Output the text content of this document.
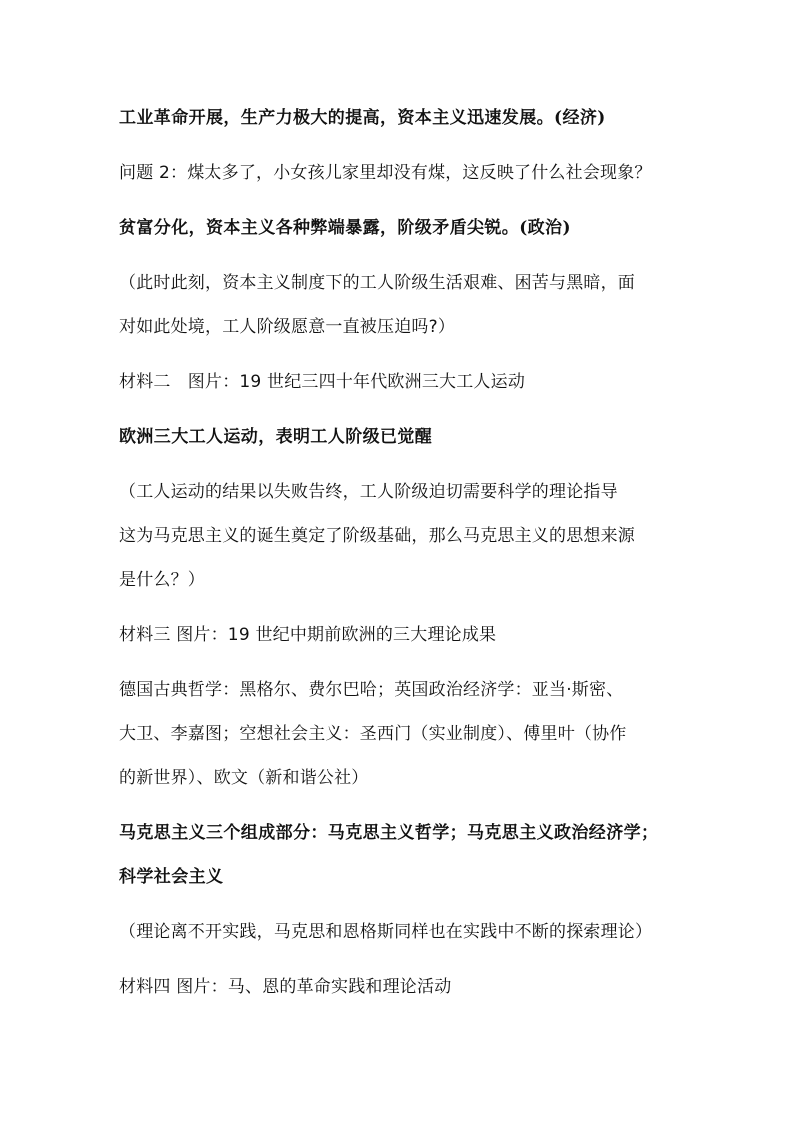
工业革命开展，生产力极大的提高，资本主义迅速发展。(经济)
问题 2：煤太多了，小女孩儿家里却没有煤，这反映了什么社会现象？
贫富分化，资本主义各种弊端暴露，阶级矛盾尖锐。(政治)
（此时此刻，资本主义制度下的工人阶级生活艰难、困苦与黑暗，面
对如此处境，工人阶级愿意一直被压迫吗?）
材料二　图片：19 世纪三四十年代欧洲三大工人运动
欧洲三大工人运动，表明工人阶级已觉醒
（工人运动的结果以失败告终，工人阶级迫切需要科学的理论指导
这为马克思主义的诞生奠定了阶级基础，那么马克思主义的思想来源
是什么？）
材料三 图片：19 世纪中期前欧洲的三大理论成果
德国古典哲学：黑格尔、费尔巴哈；英国政治经济学：亚当·斯密、
大卫、李嘉图；空想社会主义：圣西门（实业制度）、傅里叶（协作
的新世界）、欧文（新和谐公社）
马克思主义三个组成部分：马克思主义哲学；马克思主义政治经济学；
科学社会主义
（理论离不开实践，马克思和恩格斯同样也在实践中不断的探索理论）
材料四 图片：马、恩的革命实践和理论活动
